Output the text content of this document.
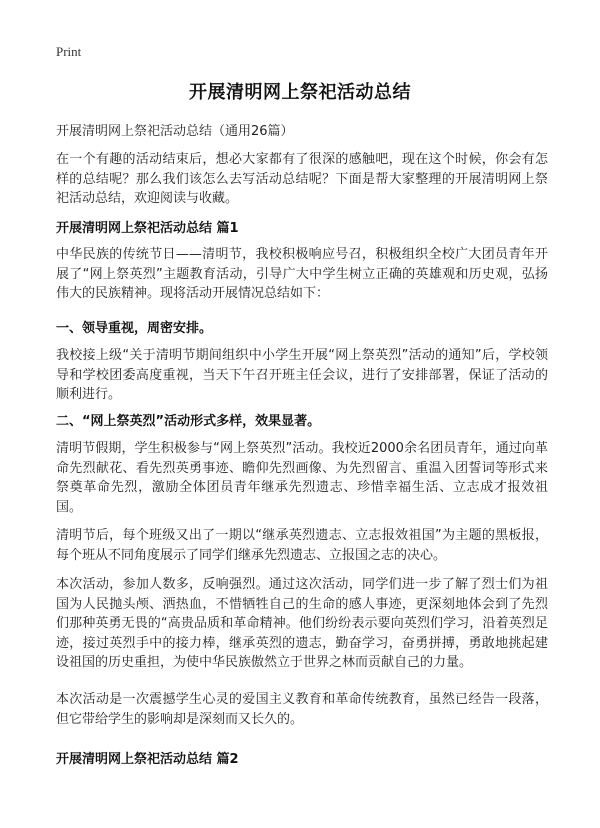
Print
开展清明网上祭祀活动总结

开展清明网上祭祀活动总结（通用26篇）

在一个有趣的活动结束后，想必大家都有了很深的感触吧，现在这个时候，你会有怎样的总结呢？那么我们该怎么去写活动总结呢？下面是帮大家整理的开展清明网上祭祀活动总结，欢迎阅读与收藏。

开展清明网上祭祀活动总结 篇1

中华民族的传统节日——清明节，我校积极响应号召，积极组织全校广大团员青年开展了“网上祭英烈”主题教育活动，引导广大中学生树立正确的英雄观和历史观，弘扬伟大的民族精神。现将活动开展情况总结如下：

一、领导重视，周密安排。

我校接上级“关于清明节期间组织中小学生开展“网上祭英烈”活动的通知”后，学校领导和学校团委高度重视，当天下午召开班主任会议，进行了安排部署，保证了活动的顺利进行。

二、“网上祭英烈”活动形式多样，效果显著。

清明节假期，学生积极参与“网上祭英烈”活动。我校近2000余名团员青年，通过向革命先烈献花、看先烈英勇事迹、瞻仰先烈画像、为先烈留言、重温入团誓词等形式来祭奠革命先烈，激励全体团员青年继承先烈遗志、珍惜幸福生活、立志成才报效祖国。

清明节后，每个班级又出了一期以“继承英烈遗志、立志报效祖国”为主题的黑板报，每个班从不同角度展示了同学们继承先烈遗志、立报国之志的决心。

本次活动，参加人数多，反响强烈。通过这次活动，同学们进一步了解了烈士们为祖国为人民抛头颅、洒热血，不惜牺牲自己的生命的感人事迹，更深刻地体会到了先烈们那种英勇无畏的“高贵品质和革命精神。他们纷纷表示要向英烈们学习，沿着英烈足迹，接过英烈手中的接力棒，继承英烈的遗志，勤奋学习，奋勇拼搏，勇敢地挑起建设祖国的历史重担，为使中华民族傲然立于世界之林而贡献自己的力量。

本次活动是一次震撼学生心灵的爱国主义教育和革命传统教育，虽然已经告一段落，但它带给学生的影响却是深刻而又长久的。

开展清明网上祭祀活动总结 篇2
